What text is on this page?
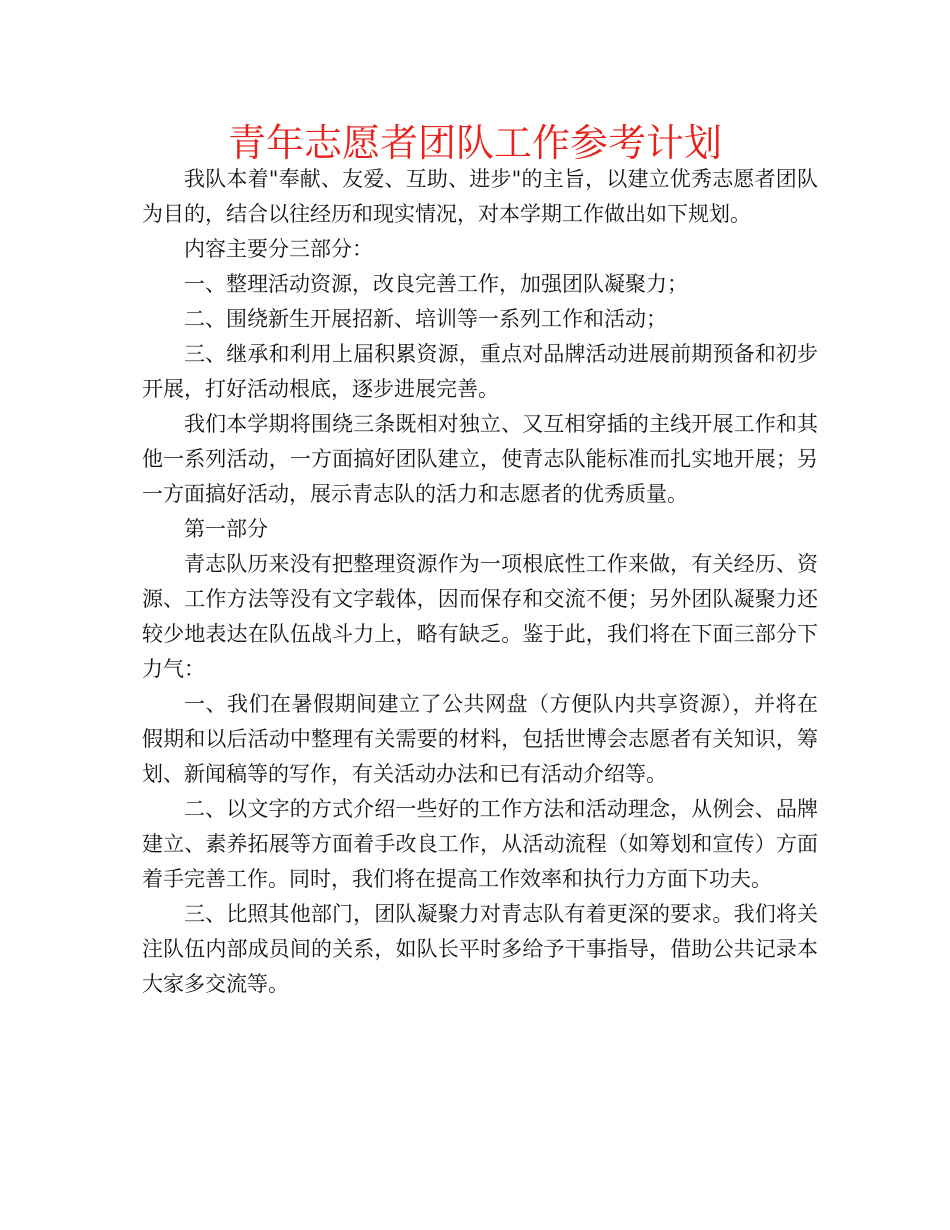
青年志愿者团队工作参考计划

我队本着"奉献、友爱、互助、进步"的主旨，以建立优秀志愿者团队为目的，结合以往经历和现实情况，对本学期工作做出如下规划。

内容主要分三部分：

一、整理活动资源，改良完善工作，加强团队凝聚力；

二、围绕新生开展招新、培训等一系列工作和活动；

三、继承和利用上届积累资源，重点对品牌活动进展前期预备和初步开展，打好活动根底，逐步进展完善。

我们本学期将围绕三条既相对独立、又互相穿插的主线开展工作和其他一系列活动，一方面搞好团队建立，使青志队能标准而扎实地开展；另一方面搞好活动，展示青志队的活力和志愿者的优秀质量。

第一部分

青志队历来没有把整理资源作为一项根底性工作来做，有关经历、资源、工作方法等没有文字载体，因而保存和交流不便；另外团队凝聚力还较少地表达在队伍战斗力上，略有缺乏。鉴于此，我们将在下面三部分下力气：

一、我们在暑假期间建立了公共网盘（方便队内共享资源），并将在假期和以后活动中整理有关需要的材料，包括世博会志愿者有关知识，筹划、新闻稿等的写作，有关活动办法和已有活动介绍等。

二、以文字的方式介绍一些好的工作方法和活动理念，从例会、品牌建立、素养拓展等方面着手改良工作，从活动流程（如筹划和宣传）方面着手完善工作。同时，我们将在提高工作效率和执行力方面下功夫。

三、比照其他部门，团队凝聚力对青志队有着更深的要求。我们将关注队伍内部成员间的关系，如队长平时多给予干事指导，借助公共记录本大家多交流等。
